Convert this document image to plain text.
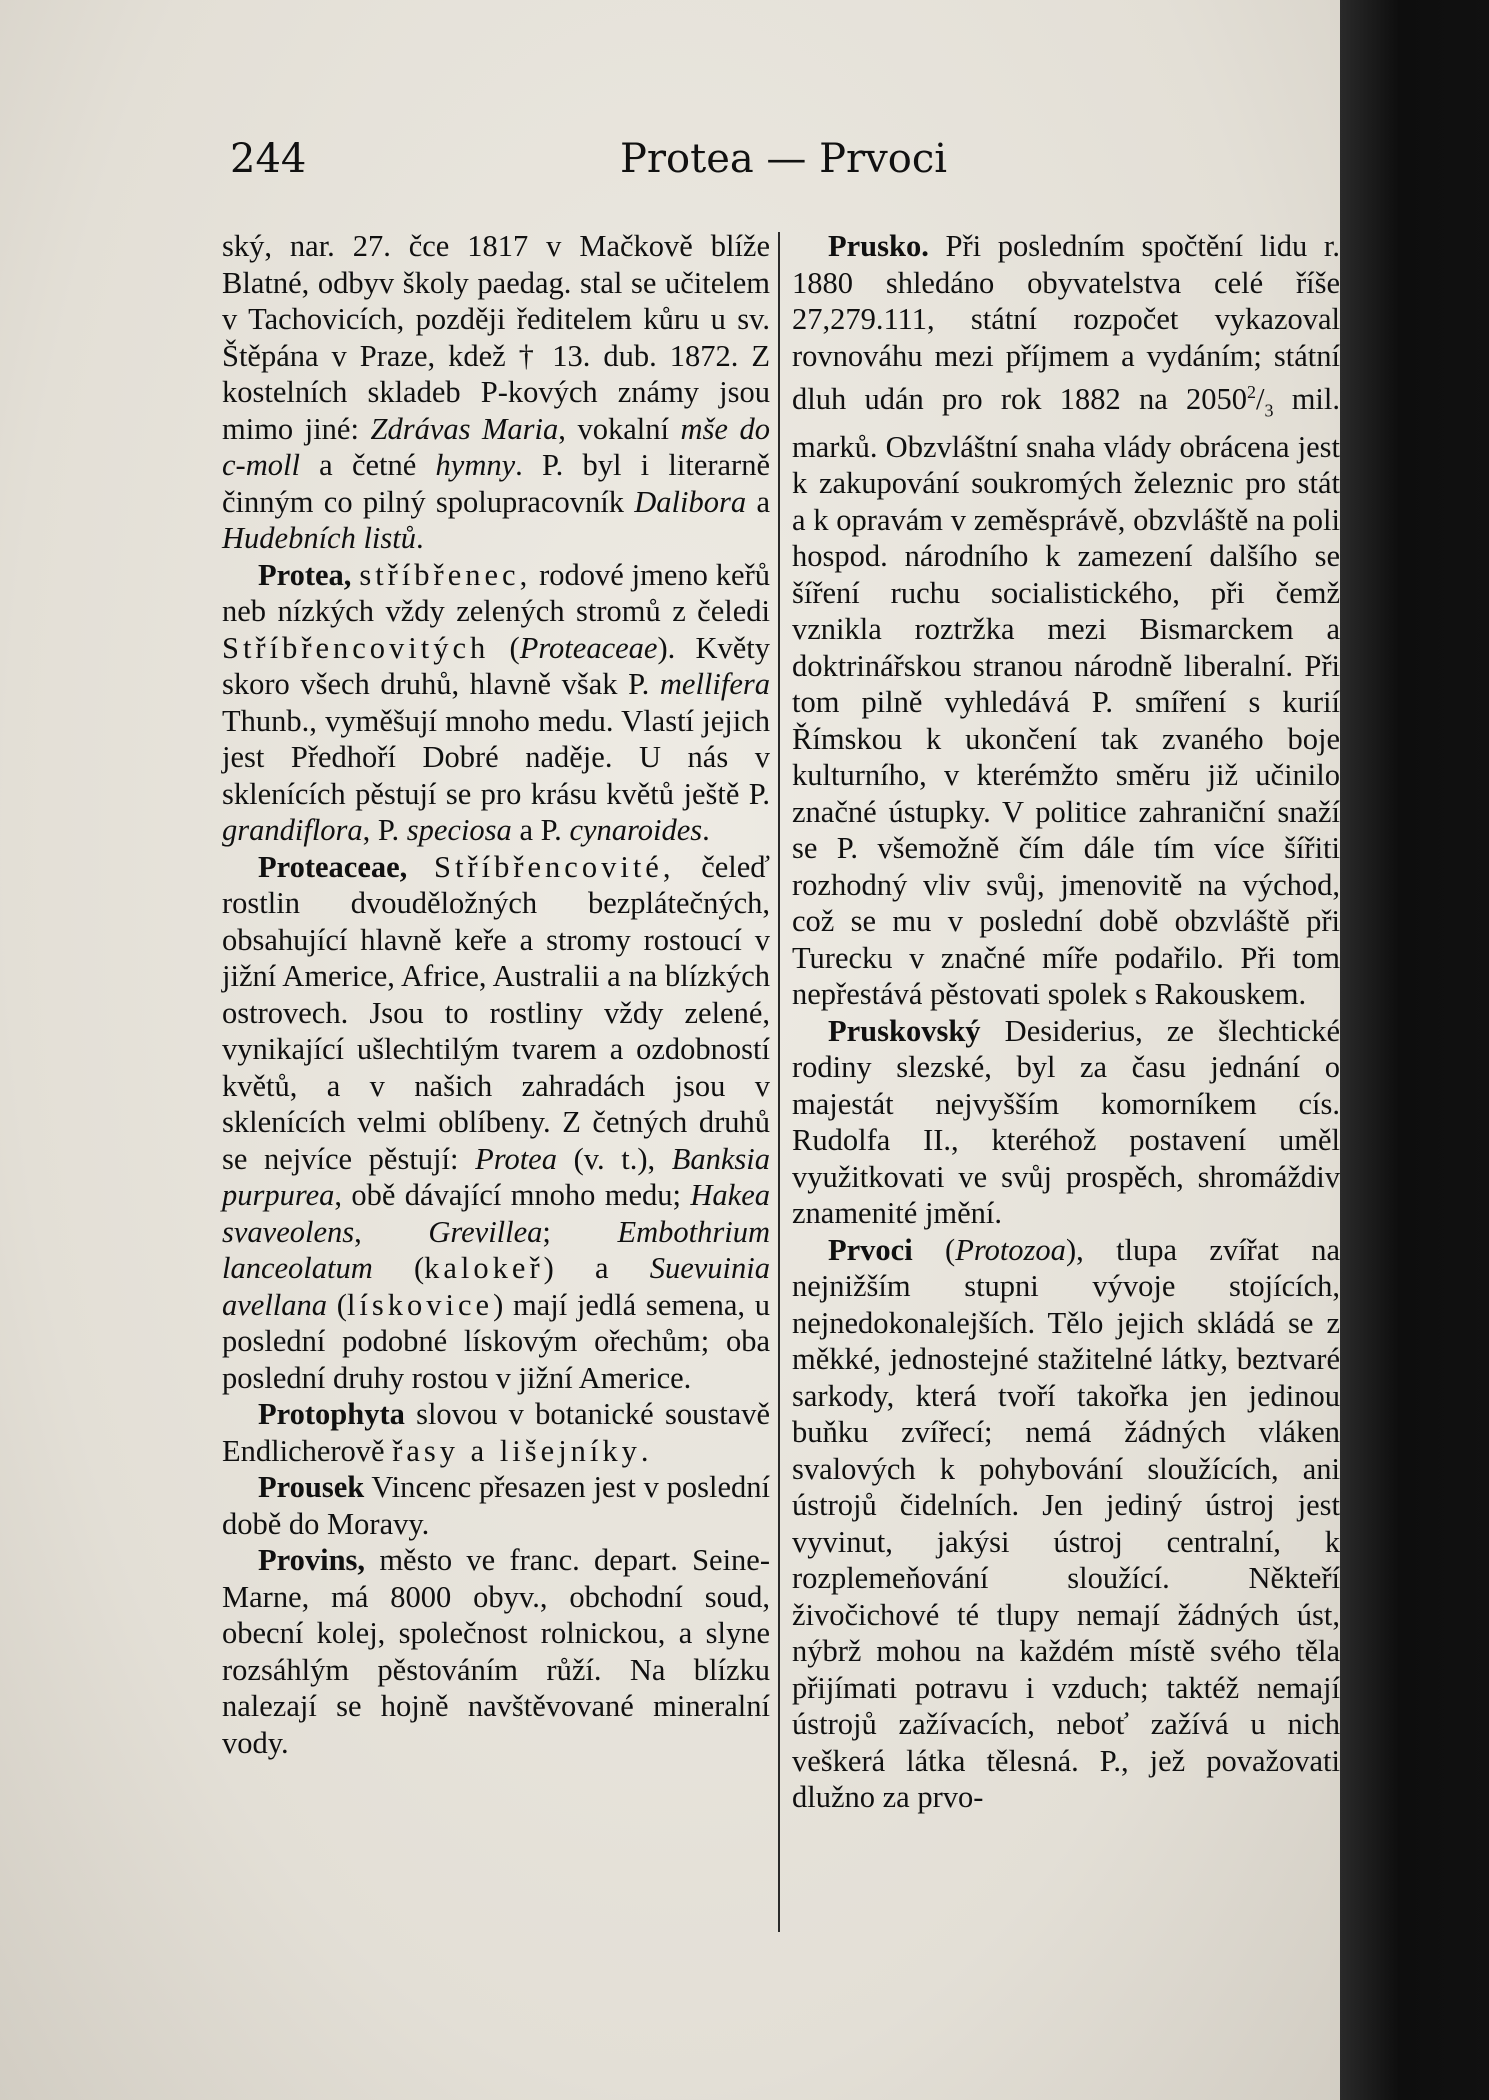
244	Protea — Prvoci

ský, nar. 27. čce 1817 v Mačkově blíže Blatné, odbyv školy paedag. stal se učitelem v Tachovicích, později ředitelem kůru u sv. Štěpána v Praze, kdež † 13. dub. 1872. Z kostelních skladeb P-kových známy jsou mimo jiné: Zdrávas Maria, vokalní mše do c-moll a četné hymny. P. byl i literarně činným co pilný spolupracovník Dalibora a Hudebních listů.

Protea, stříbřenec, rodové jmeno keřů neb nízkých vždy zelených stromů z čeledi Stříbřencovitých (Proteaceae). Květy skoro všech druhů, hlavně však P. mellifera Thunb., vyměšují mnoho medu. Vlastí jejich jest Předhoří Dobré naděje. U nás v sklenících pěstují se pro krásu květů ještě P. grandiflora, P. speciosa a P. cynaroides.

Proteaceae, Stříbřencovité, čeleď rostlin dvouděložných bezplátečných, obsahující hlavně keře a stromy rostoucí v jižní Americe, Africe, Australii a na blízkých ostrovech. Jsou to rostliny vždy zelené, vynikající ušlechtilým tvarem a ozdobností květů, a v našich zahradách jsou v sklenících velmi oblíbeny. Z četných druhů se nejvíce pěstují: Protea (v. t.), Banksia purpurea, obě dávající mnoho medu; Hakea svaveolens, Grevillea; Embothrium lanceolatum (kalokeř) a Suevuinia avellana (lískovice) mají jedlá semena, u poslední podobné lískovým ořechům; oba poslední druhy rostou v jižní Americe.

Protophyta slovou v botanické soustavě Endlicherově řasy a lišejníky.

Prousek Vincenc přesazen jest v poslední době do Moravy.

Provins, město ve franc. depart. Seine-Marne, má 8000 obyv., obchodní soud, obecní kolej, společnost rolnickou, a slyne rozsáhlým pěstováním růží. Na blízku nalezají se hojně navštěvované mineralní vody.

Prusko. Při posledním spočtění lidu r. 1880 shledáno obyvatelstva celé říše 27,279.111, státní rozpočet vykazoval rovnováhu mezi příjmem a vydáním; státní dluh udán pro rok 1882 na $2050^2/_3$ mil. marků. Obzvláštní snaha vlády obrácena jest k zakupování soukromých železnic pro stát a k opravám v zeměsprávě, obzvláště na poli hospod. národního k zamezení dalšího se šíření ruchu socialistického, při čemž vznikla roztržka mezi Bismarckem a doktrinářskou stranou národně liberalní. Při tom pilně vyhledává P. smíření s kurií Římskou k ukončení tak zvaného boje kulturního, v kterémžto směru již učinilo značné ústupky. V politice zahraniční snaží se P. všemožně čím dále tím více šířiti rozhodný vliv svůj, jmenovitě na východ, což se mu v poslední době obzvláště při Turecku v značné míře podařilo. Při tom nepřestává pěstovati spolek s Rakouskem.

Pruskovský Desiderius, ze šlechtické rodiny slezské, byl za času jednání o majestát nejvyšším komorníkem cís. Rudolfa II., kteréhož postavení uměl využitkovati ve svůj prospěch, shromáždiv znamenité jmění.

Prvoci (Protozoa), tlupa zvířat na nejnižším stupni vývoje stojících, nejnedokonalejších. Tělo jejich skládá se z měkké, jednostejné stažitelné látky, beztvaré sarkody, která tvoří takořka jen jedinou buňku zvířecí; nemá žádných vláken svalových k pohybování sloužících, ani ústrojů čidelních. Jen jediný ústroj jest vyvinut, jakýsi ústroj centralní, k rozplemeňování sloužící. Někteří živočichové té tlupy nemají žádných úst, nýbrž mohou na každém místě svého těla přijímati potravu i vzduch; taktéž nemají ústrojů zažívacích, neboť zažívá u nich veškerá látka tělesná. P., jež považovati dlužno za prvo-
